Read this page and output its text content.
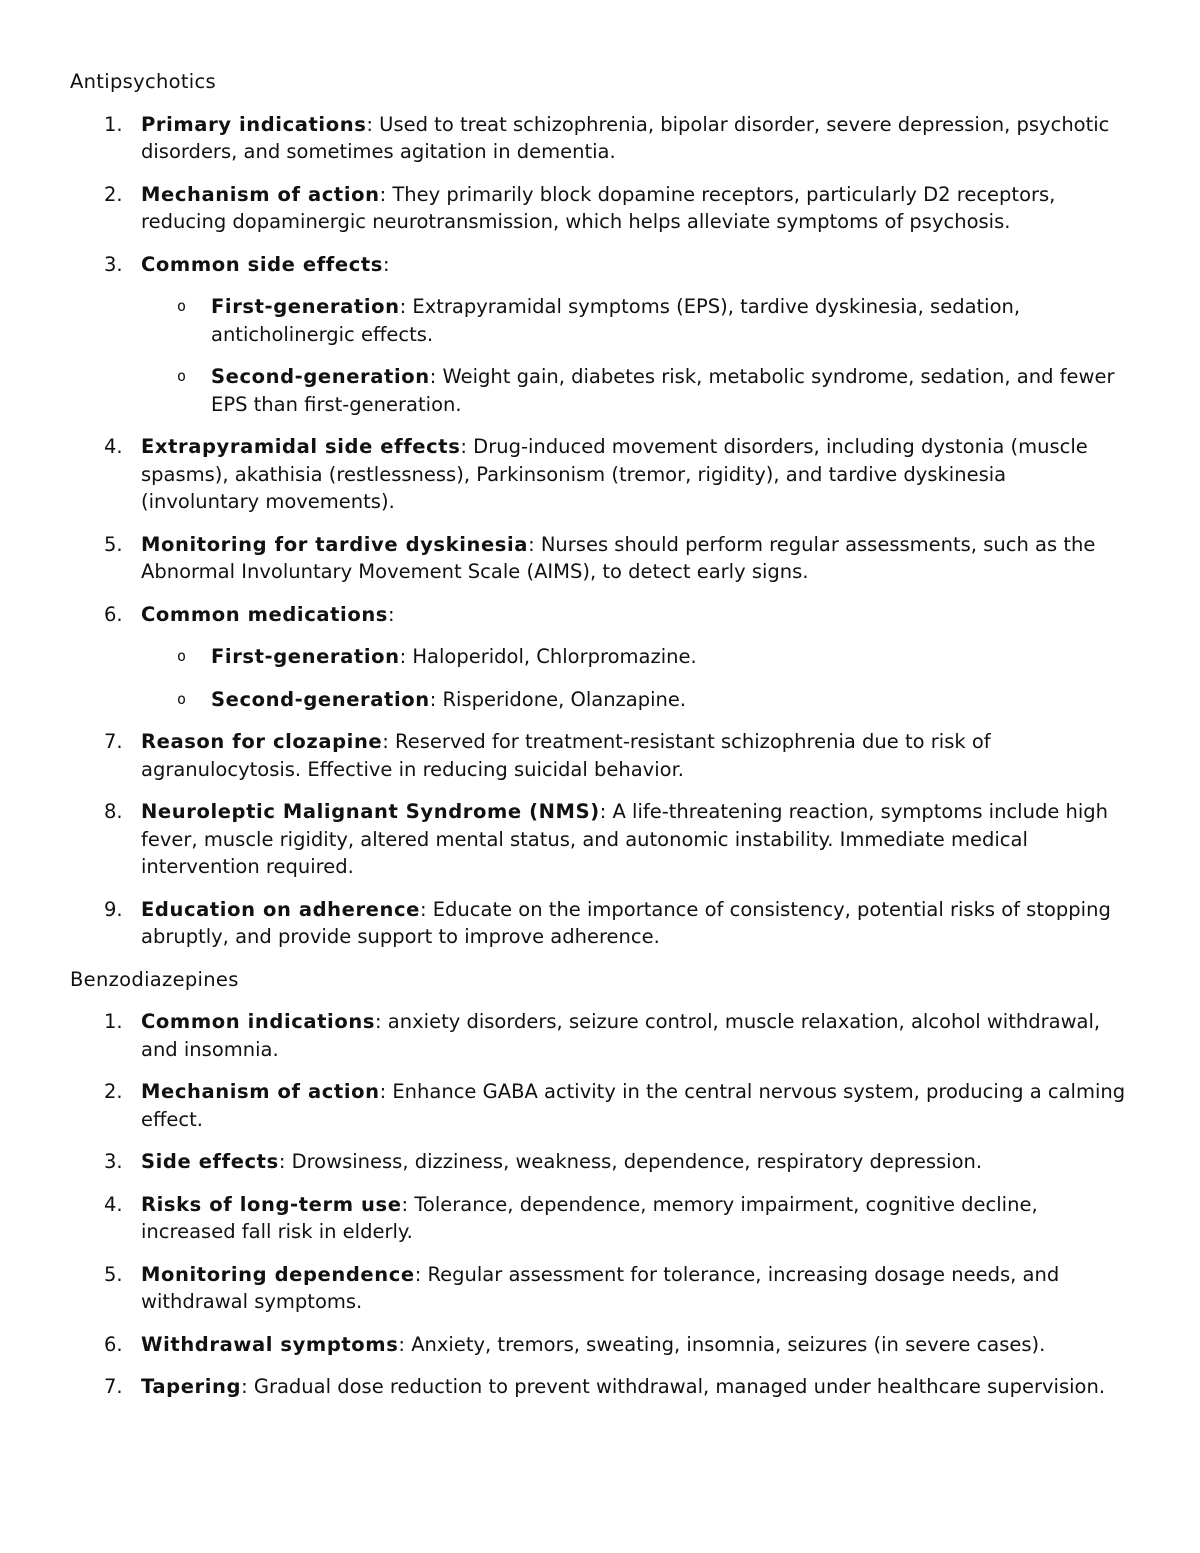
Antipsychotics
1. Primary indications: Used to treat schizophrenia, bipolar disorder, severe depression, psychotic disorders, and sometimes agitation in dementia.
2. Mechanism of action: They primarily block dopamine receptors, particularly D2 receptors, reducing dopaminergic neurotransmission, which helps alleviate symptoms of psychosis.
3. Common side effects:
o First-generation: Extrapyramidal symptoms (EPS), tardive dyskinesia, sedation, anticholinergic effects.
o Second-generation: Weight gain, diabetes risk, metabolic syndrome, sedation, and fewer EPS than first-generation.
4. Extrapyramidal side effects: Drug-induced movement disorders, including dystonia (muscle spasms), akathisia (restlessness), Parkinsonism (tremor, rigidity), and tardive dyskinesia (involuntary movements).
5. Monitoring for tardive dyskinesia: Nurses should perform regular assessments, such as the Abnormal Involuntary Movement Scale (AIMS), to detect early signs.
6. Common medications:
o First-generation: Haloperidol, Chlorpromazine.
o Second-generation: Risperidone, Olanzapine.
7. Reason for clozapine: Reserved for treatment-resistant schizophrenia due to risk of agranulocytosis. Effective in reducing suicidal behavior.
8. Neuroleptic Malignant Syndrome (NMS): A life-threatening reaction, symptoms include high fever, muscle rigidity, altered mental status, and autonomic instability. Immediate medical intervention required.
9. Education on adherence: Educate on the importance of consistency, potential risks of stopping abruptly, and provide support to improve adherence.
Benzodiazepines
1. Common indications: anxiety disorders, seizure control, muscle relaxation, alcohol withdrawal, and insomnia.
2. Mechanism of action: Enhance GABA activity in the central nervous system, producing a calming effect.
3. Side effects: Drowsiness, dizziness, weakness, dependence, respiratory depression.
4. Risks of long-term use: Tolerance, dependence, memory impairment, cognitive decline, increased fall risk in elderly.
5. Monitoring dependence: Regular assessment for tolerance, increasing dosage needs, and withdrawal symptoms.
6. Withdrawal symptoms: Anxiety, tremors, sweating, insomnia, seizures (in severe cases).
7. Tapering: Gradual dose reduction to prevent withdrawal, managed under healthcare supervision.
